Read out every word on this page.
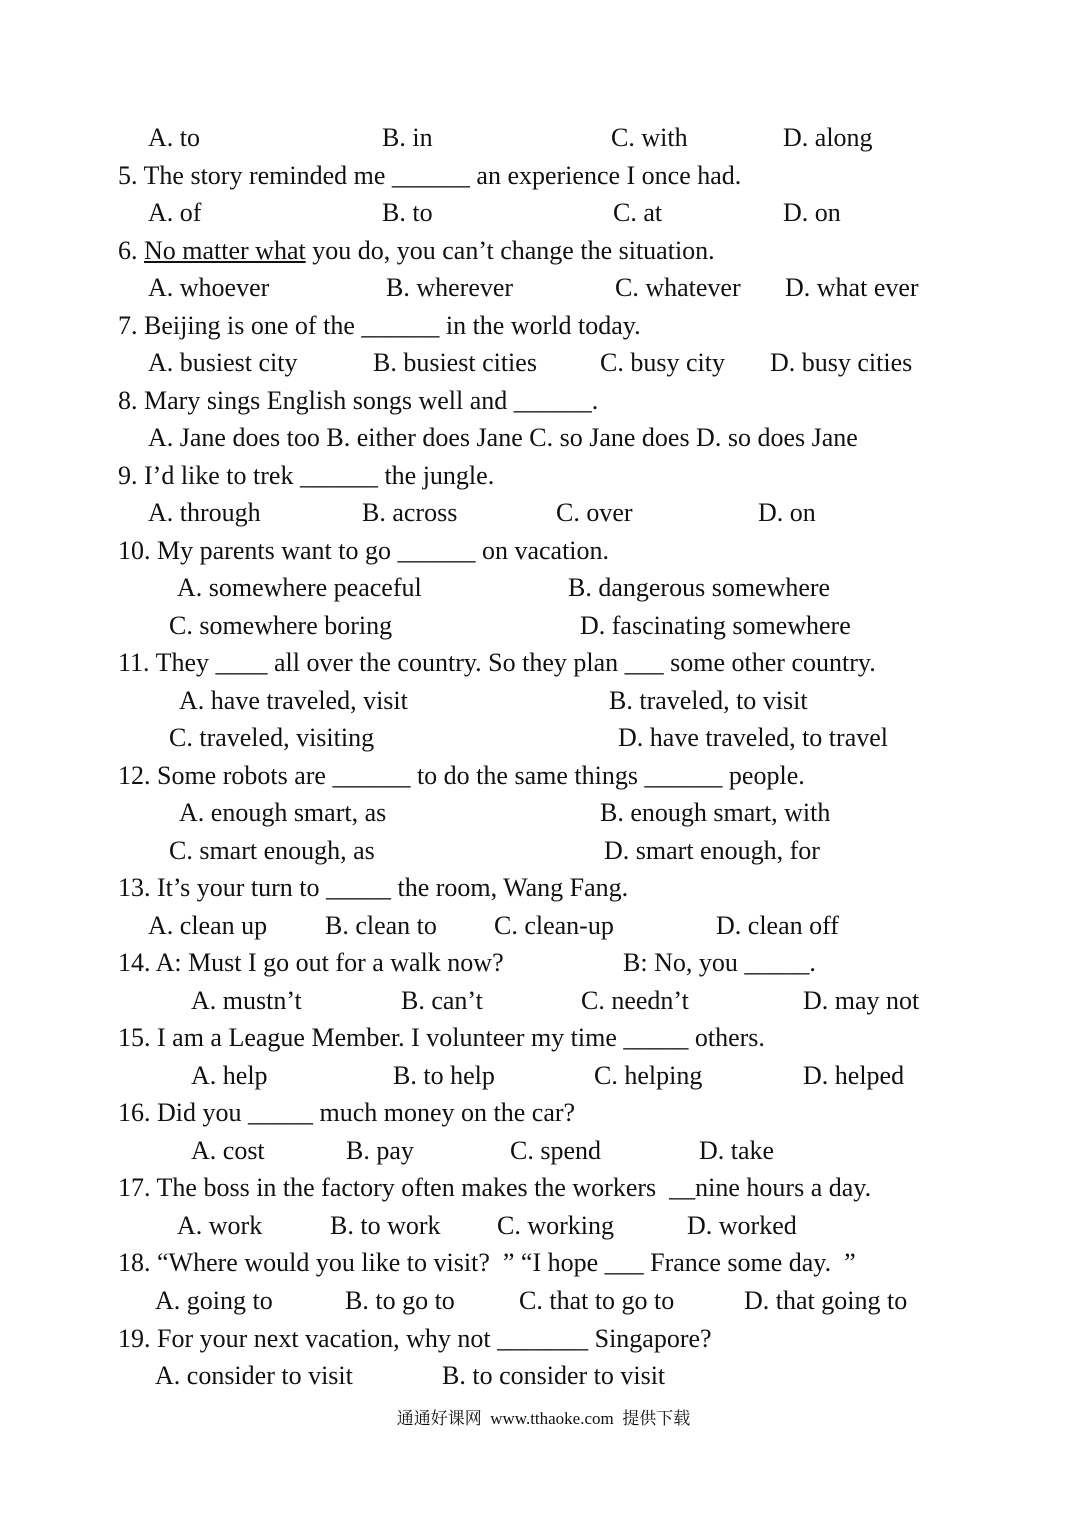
A. to	B. in	C. with	D. along
5. The story reminded me ______ an experience I once had.
A. of	B. to	C. at	D. on
6. No matter what you do, you can’t change the situation.
A. whoever	B. wherever	C. whatever D. what ever
7. Beijing is one of the ______ in the world today.
A. busiest city	B. busiest cities C. busy city D. busy cities
8. Mary sings English songs well and ______.
A. Jane does too B. either does Jane C. so Jane does D. so does Jane
9. I’d like to trek ______ the jungle.
A. through	B. across	C. over	D. on
10. My parents want to go ______ on vacation.
A. somewhere peaceful	B. dangerous somewhere
C. somewhere boring	D. fascinating somewhere
11. They ____ all over the country. So they plan ___ some other country.
A. have traveled, visit	B. traveled, to visit
C. traveled, visiting	D. have traveled, to travel
12. Some robots are ______ to do the same things ______ people.
A. enough smart, as	B. enough smart, with
C. smart enough, as	D. smart enough, for
13. It’s your turn to _____ the room, Wang Fang.
A. clean up B. clean to C. clean-up	D. clean off
14. A: Must I go out for a walk now?	B: No, you _____.
A. mustn’t	B. can’t	C. needn’t	D. may not
15. I am a League Member. I volunteer my time _____ others.
A. help	B. to help	C. helping	D. helped
16. Did you _____ much money on the car?
A. cost	B. pay	C. spend	D. take
17. The boss in the factory often makes the workers  __nine hours a day.
A. work	B. to work C. working	D. worked
18. “Where would you like to visit?  ” “I hope ___ France some day.  ”
A. going to	B. to go to C. that to go to	D. that going to
19. For your next vacation, why not _______ Singapore?
A. consider to visit	B. to consider to visit
通通好课网  www.tthaoke.com  提供下载
